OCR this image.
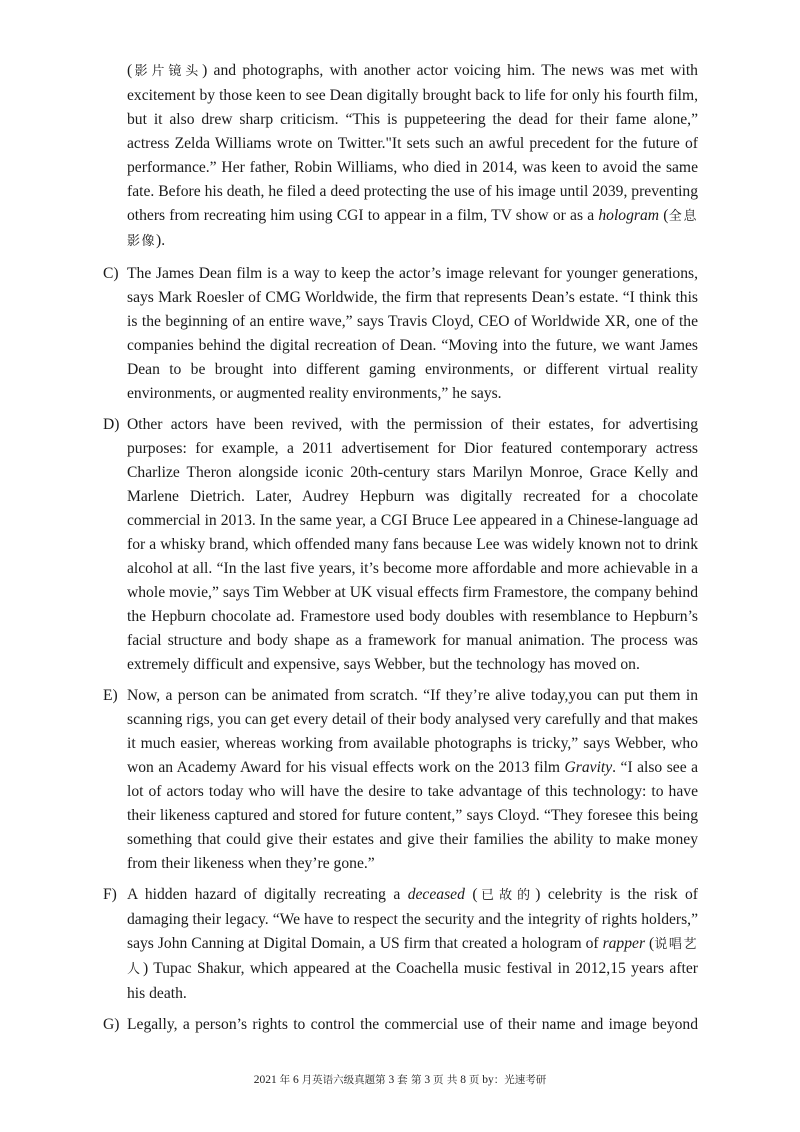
(影片镜头) and photographs, with another actor voicing him. The news was met with excitement by those keen to see Dean digitally brought back to life for only his fourth film, but it also drew sharp criticism. “This is puppeteering the dead for their fame alone,” actress Zelda Williams wrote on Twitter."It sets such an awful precedent for the future of performance.” Her father, Robin Williams, who died in 2014, was keen to avoid the same fate. Before his death, he filed a deed protecting the use of his image until 2039, preventing others from recreating him using CGI to appear in a film, TV show or as a hologram (全息影像).

C) The James Dean film is a way to keep the actor’s image relevant for younger generations, says Mark Roesler of CMG Worldwide, the firm that represents Dean’s estate. “I think this is the beginning of an entire wave,” says Travis Cloyd, CEO of Worldwide XR, one of the companies behind the digital recreation of Dean. “Moving into the future, we want James Dean to be brought into different gaming environments, or different virtual reality environments, or augmented reality environments,” he says.

D) Other actors have been revived, with the permission of their estates, for advertising purposes: for example, a 2011 advertisement for Dior featured contemporary actress Charlize Theron alongside iconic 20th-century stars Marilyn Monroe, Grace Kelly and Marlene Dietrich. Later, Audrey Hepburn was digitally recreated for a chocolate commercial in 2013. In the same year, a CGI Bruce Lee appeared in a Chinese-language ad for a whisky brand, which offended many fans because Lee was widely known not to drink alcohol at all. “In the last five years, it’s become more affordable and more achievable in a whole movie,” says Tim Webber at UK visual effects firm Framestore, the company behind the Hepburn chocolate ad. Framestore used body doubles with resemblance to Hepburn’s facial structure and body shape as a framework for manual animation. The process was extremely difficult and expensive, says Webber, but the technology has moved on.

E) Now, a person can be animated from scratch. “If they’re alive today,you can put them in scanning rigs, you can get every detail of their body analysed very carefully and that makes it much easier, whereas working from available photographs is tricky,” says Webber, who won an Academy Award for his visual effects work on the 2013 film Gravity. “I also see a lot of actors today who will have the desire to take advantage of this technology: to have their likeness captured and stored for future content,” says Cloyd. “They foresee this being something that could give their estates and give their families the ability to make money from their likeness when they’re gone.”

F) A hidden hazard of digitally recreating a deceased (已故的) celebrity is the risk of damaging their legacy. “We have to respect the security and the integrity of rights holders,” says John Canning at Digital Domain, a US firm that created a hologram of rapper (说唱艺人) Tupac Shakur, which appeared at the Coachella music festival in 2012,15 years after his death.

G) Legally, a person’s rights to control the commercial use of their name and image beyond

2021 年 6 月英语六级真题第 3 套 第 3 页 共 8 页 by：光速考研
